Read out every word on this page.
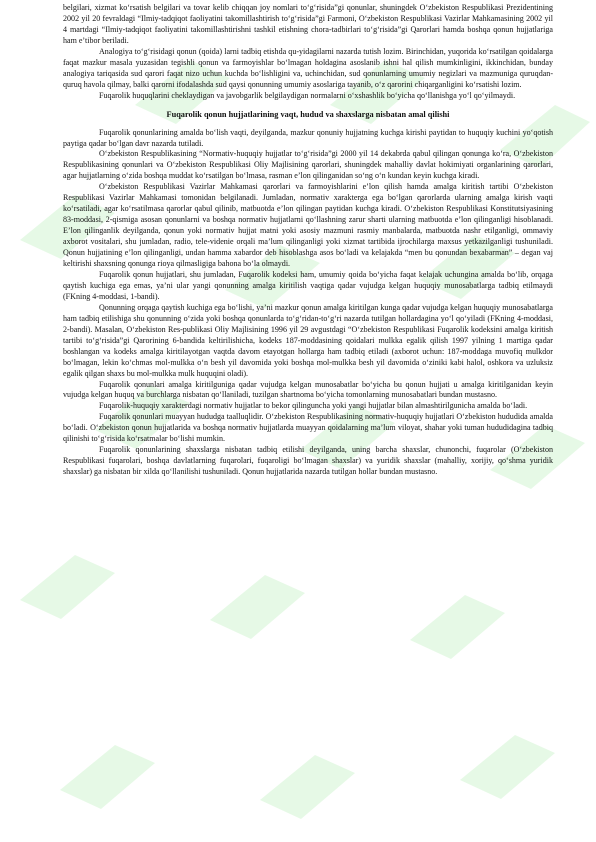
belgilari, xizmat ko‘rsatish belgilari va tovar kelib chiqqan joy nomlari to‘g‘risida”gi qonunlar, shuningdek O‘zbekiston Respublikasi Prezidentining 2002 yil 20 fevraldagi “Ilmiy-tadqiqot faoliyatini takomillashtirish to‘g‘risida”gi Farmoni, O‘zbekiston Respublikasi Vazirlar Mahkamasining 2002 yil 4 martdagi “Ilmiy-tadqiqot faoliyatini takomillashtirishni tashkil etishning chora-tadbirlari to‘g‘risida”gi Qarorlari hamda boshqa qonun hujjatlariga ham e’tibor beriladi.

Analogiya to‘g‘risidagi qonun (qoida) larni tadbiq etishda qu-yidagilarni nazarda tutish lozim. Birinchidan, yuqorida ko‘rsatilgan qoidalarga faqat mazkur masala yuzasidan tegishli qonun va farmoyishlar bo‘lmagan holdagina asoslanib ishni hal qilish mumkinligini, ikkinchidan, bunday analogiya tariqasida sud qarori faqat nizo uchun kuchda bo‘lishligini va, uchinchidan, sud qonunlarning umumiy negizlari va mazmuniga quruqdan-quruq havola qilmay, balki qarorni ifodalashda sud qaysi qonunning umumiy asoslariga tayanib, o‘z qarorini chiqarganligini ko‘rsatishi lozim.

Fuqarolik huquqlarini cheklaydigan va javobgarlik belgilaydigan normalarni o‘xshashlik bo‘yicha qo‘llanishga yo‘l qo‘yilmaydi.

Fuqarolik qonun hujjatlarining vaqt, hudud va shaxslarga nisbatan amal qilishi

Fuqarolik qonunlarining amalda bo‘lish vaqti, deyilganda, mazkur qonuniy hujjatning kuchga kirishi paytidan to huquqiy kuchini yo‘qotish paytiga qadar bo‘lgan davr nazarda tutiladi.

O‘zbekiston Respublikasining “Normativ-huquqiy hujjatlar to‘g‘risida”gi 2000 yil 14 dekabrda qabul qilingan qonunga ko‘ra, O‘zbekiston Respublikasining qonunlari va O‘zbekiston Respublikasi Oliy Majlisining qarorlari, shuningdek mahalliy davlat hokimiyati organlarining qarorlari, agar hujjatlarning o‘zida boshqa muddat ko‘rsatilgan bo‘lmasa, rasman e’lon qilinganidan so‘ng o‘n kundan keyin kuchga kiradi.

O‘zbekiston Respublikasi Vazirlar Mahkamasi qarorlari va farmoyishlarini e’lon qilish hamda amalga kiritish tartibi O‘zbekiston Respublikasi Vazirlar Mahkamasi tomonidan belgilanadi. Jumladan, normativ xarakterga ega bo‘lgan qarorlarda ularning amalga kirish vaqti ko‘rsatiladi, agar ko‘rsatilmasa qarorlar qabul qilinib, matbuotda e’lon qilingan paytidan kuchga kiradi. O‘zbekiston Respublikasi Konstitutsiyasining 83-moddasi, 2-qismiga asosan qonunlarni va boshqa normativ hujjatlarni qo‘llashning zarur sharti ularning matbuotda e’lon qilinganligi hisoblanadi. E’lon qilinganlik deyilganda, qonun yoki normativ hujjat matni yoki asosiy mazmuni rasmiy manbalarda, matbuotda nashr etilganligi, ommaviy axborot vositalari, shu jumladan, radio, tele-videnie orqali ma’lum qilinganligi yoki xizmat tartibida ijrochilarga maxsus yetkazilganligi tushuniladi. Qonun hujjatining e’lon qilinganligi, undan hamma xabardor deb hisoblashga asos bo‘ladi va kelajakda “men bu qonundan bexabarman” – degan vaj keltirishi shaxsning qonunga rioya qilmasligiga bahona bo‘la olmaydi.

Fuqarolik qonun hujjatlari, shu jumladan, Fuqarolik kodeksi ham, umumiy qoida bo‘yicha faqat kelajak uchungina amalda bo‘lib, orqaga qaytish kuchiga ega emas, ya’ni ular yangi qonunning amalga kiritilish vaqtiga qadar vujudga kelgan huquqiy munosabatlarga tadbiq etilmaydi (FKning 4-moddasi, 1-bandi).

Qonunning orqaga qaytish kuchiga ega bo‘lishi, ya’ni mazkur qonun amalga kiritilgan kunga qadar vujudga kelgan huquqiy munosabatlarga ham tadbiq etilishiga shu qonunning o‘zida yoki boshqa qonunlarda to‘g‘ridan-to‘g‘ri nazarda tutilgan hollardagina yo‘l qo‘yiladi (FKning 4-moddasi, 2-bandi). Masalan, O‘zbekiston Res-publikasi Oliy Majlisining 1996 yil 29 avgustdagi “O‘zbekiston Respublikasi Fuqarolik kodeksini amalga kiritish tartibi to‘g‘risida”gi Qarorining 6-bandida keltirilishicha, kodeks 187-moddasining qoidalari mulkka egalik qilish 1997 yilning 1 martiga qadar boshlangan va kodeks amalga kiritilayotgan vaqtda davom etayotgan hollarga ham tadbiq etiladi (axborot uchun: 187-moddaga muvofiq mulkdor bo‘lmagan, lekin ko‘chmas mol-mulkka o‘n besh yil davomida yoki boshqa mol-mulkka besh yil davomida o‘ziniki kabi halol, oshkora va uzluksiz egalik qilgan shaxs bu mol-mulkka mulk huquqini oladi).

Fuqarolik qonunlari amalga kiritilguniga qadar vujudga kelgan munosabatlar bo‘yicha bu qonun hujjati u amalga kiritilganidan keyin vujudga kelgan huquq va burchlarga nisbatan qo‘llaniladi, tuzilgan shartnoma bo‘yicha tomonlarning munosabatlari bundan mustasno.

Fuqarolik-huquqiy xarakterdagi normativ hujjatlar to bekor qilinguncha yoki yangi hujjatlar bilan almashtirilgunicha amalda bo‘ladi.

Fuqarolik qonunlari muayyan hududga taalluqlidir. O‘zbekiston Respublikasining normativ-huquqiy hujjatlari O‘zbekiston hududida amalda bo‘ladi. O‘zbekiston qonun hujjatlarida va boshqa normativ hujjatlarda muayyan qoidalarning ma’lum viloyat, shahar yoki tuman hududidagina tadbiq qilinishi to‘g‘risida ko‘rsatmalar bo‘lishi mumkin.

Fuqarolik qonunlarining shaxslarga nisbatan tadbiq etilishi deyilganda, uning barcha shaxslar, chunonchi, fuqarolar (O‘zbekiston Respublikasi fuqarolari, boshqa davlatlarning fuqarolari, fuqaroligi bo‘lmagan shaxslar) va yuridik shaxslar (mahalliy, xorijiy, qo‘shma yuridik shaxslar) ga nisbatan bir xilda qo‘llanilishi tushuniladi. Qonun hujjatlarida nazarda tutilgan hollar bundan mustasno.
